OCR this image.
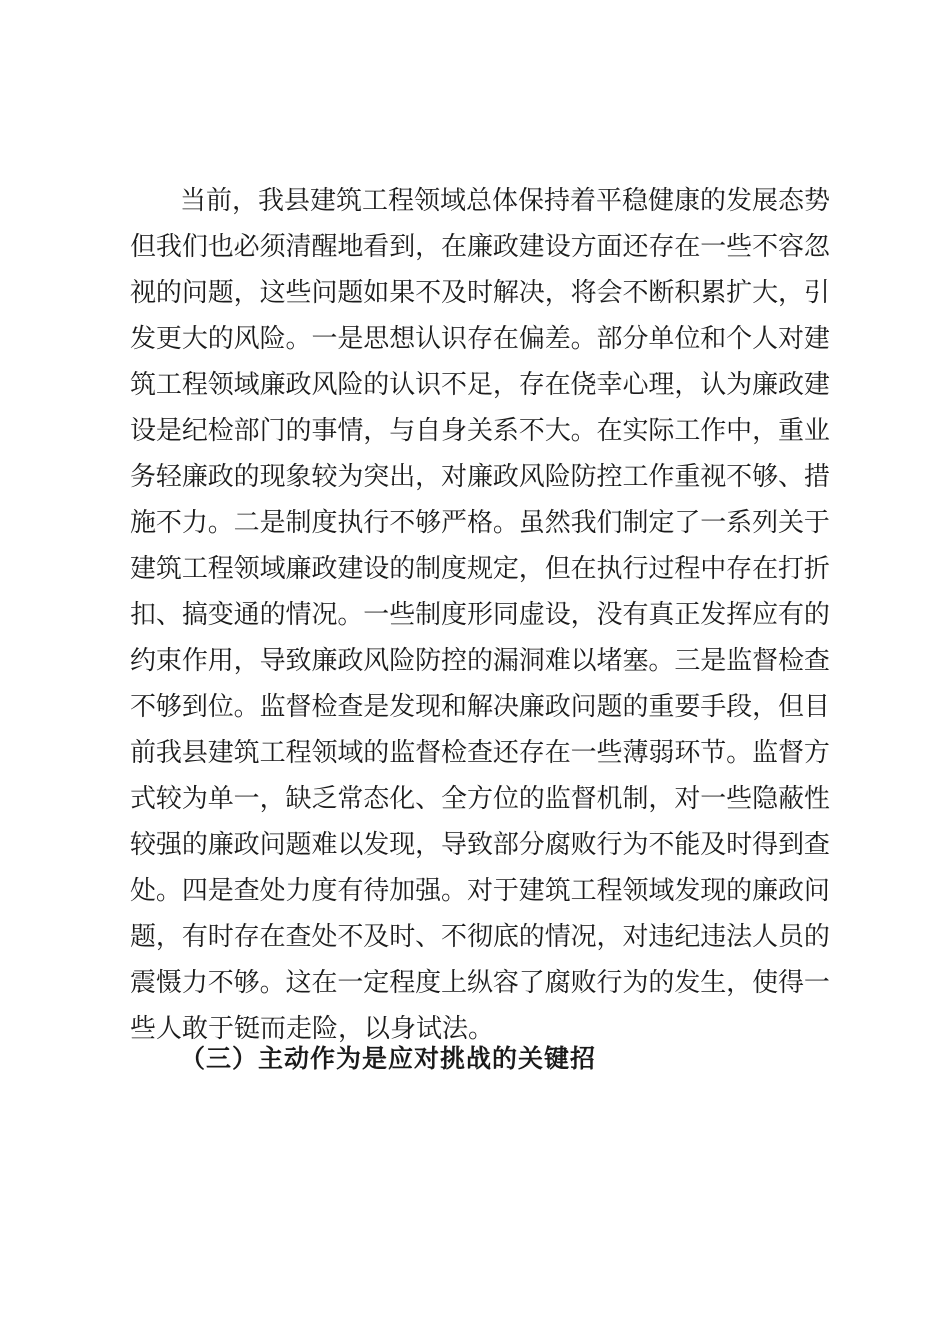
当前，我县建筑工程领域总体保持着平稳健康的发展态势
但我们也必须清醒地看到，在廉政建设方面还存在一些不容忽
视的问题，这些问题如果不及时解决，将会不断积累扩大，引
发更大的风险。一是思想认识存在偏差。部分单位和个人对建
筑工程领域廉政风险的认识不足，存在侥幸心理，认为廉政建
设是纪检部门的事情，与自身关系不大。在实际工作中，重业
务轻廉政的现象较为突出，对廉政风险防控工作重视不够、措
施不力。二是制度执行不够严格。虽然我们制定了一系列关于
建筑工程领域廉政建设的制度规定，但在执行过程中存在打折
扣、搞变通的情况。一些制度形同虚设，没有真正发挥应有的
约束作用，导致廉政风险防控的漏洞难以堵塞。三是监督检查
不够到位。监督检查是发现和解决廉政问题的重要手段，但目
前我县建筑工程领域的监督检查还存在一些薄弱环节。监督方
式较为单一，缺乏常态化、全方位的监督机制，对一些隐蔽性
较强的廉政问题难以发现，导致部分腐败行为不能及时得到查
处。四是查处力度有待加强。对于建筑工程领域发现的廉政问
题，有时存在查处不及时、不彻底的情况，对违纪违法人员的
震慑力不够。这在一定程度上纵容了腐败行为的发生，使得一
些人敢于铤而走险，以身试法。
（三）主动作为是应对挑战的关键招
